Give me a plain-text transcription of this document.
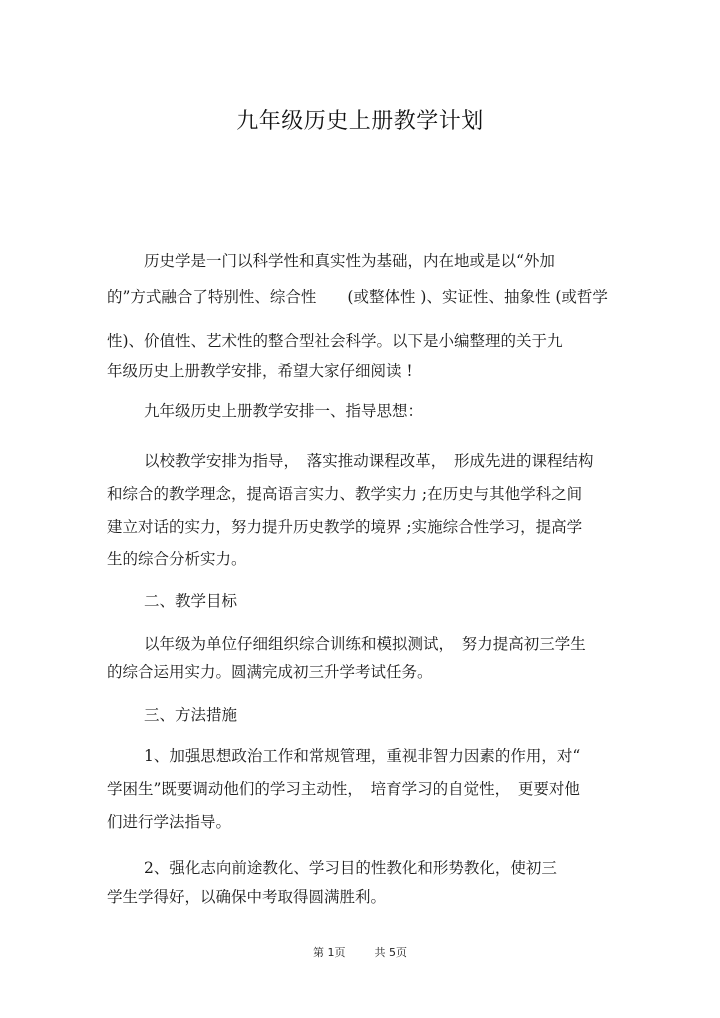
九年级历史上册教学计划
历史学是一门以科学性和真实性为基础，内在地或是以“外加
的”方式融合了特别性、综合性　　(或整体性 )、实证性、抽象性 (或哲学
性)、价值性、艺术性的整合型社会科学。以下是小编整理的关于九
年级历史上册教学安排，希望大家仔细阅读 !
九年级历史上册教学安排一、指导思想：
以校教学安排为指导，　落实推动课程改革，　形成先进的课程结构
和综合的教学理念，提高语言实力、教学实力 ;在历史与其他学科之间
建立对话的实力，努力提升历史教学的境界 ;实施综合性学习，提高学
生的综合分析实力。
二、教学目标
以年级为单位仔细组织综合训练和模拟测试，　努力提高初三学生
的综合运用实力。圆满完成初三升学考试任务。
三、方法措施
1、加强思想政治工作和常规管理，重视非智力因素的作用，对“
学困生”既要调动他们的学习主动性，　培育学习的自觉性，　更要对他
们进行学法指导。
2、强化志向前途教化、学习目的性教化和形势教化，使初三
学生学得好，以确保中考取得圆满胜利。
第 1页	共 5页
